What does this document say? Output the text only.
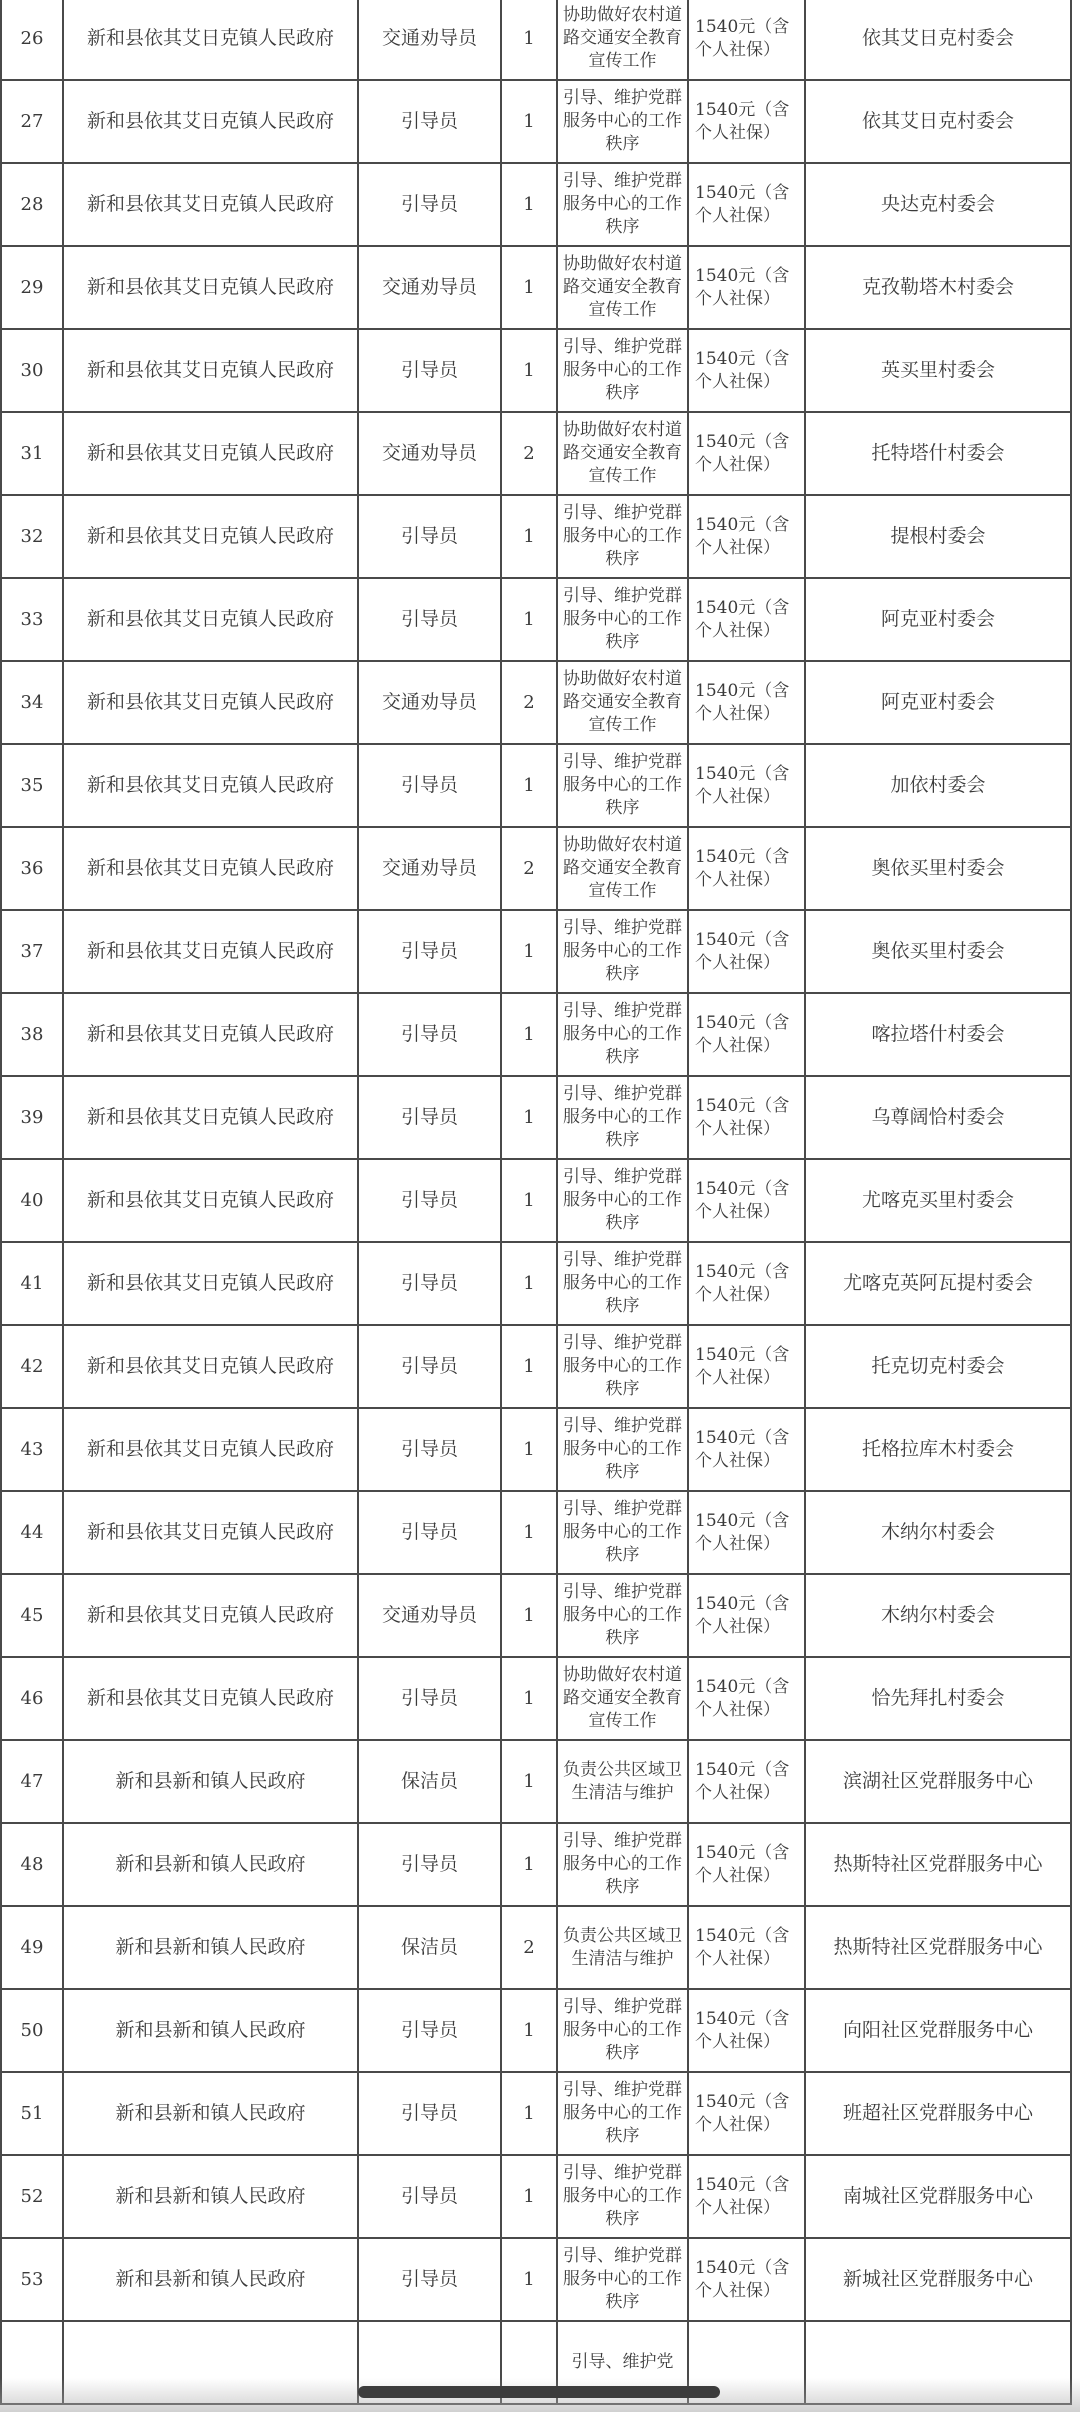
26	新和县依其艾日克镇人民政府	交通劝导员	1	协助做好农村道路交通安全教育宣传工作	1540元（含个人社保）	依其艾日克村委会
27	新和县依其艾日克镇人民政府	引导员	1	引导、维护党群服务中心的工作秩序	1540元（含个人社保）	依其艾日克村委会
28	新和县依其艾日克镇人民政府	引导员	1	引导、维护党群服务中心的工作秩序	1540元（含个人社保）	央达克村委会
29	新和县依其艾日克镇人民政府	交通劝导员	1	协助做好农村道路交通安全教育宣传工作	1540元（含个人社保）	克孜勒塔木村委会
30	新和县依其艾日克镇人民政府	引导员	1	引导、维护党群服务中心的工作秩序	1540元（含个人社保）	英买里村委会
31	新和县依其艾日克镇人民政府	交通劝导员	2	协助做好农村道路交通安全教育宣传工作	1540元（含个人社保）	托特塔什村委会
32	新和县依其艾日克镇人民政府	引导员	1	引导、维护党群服务中心的工作秩序	1540元（含个人社保）	提根村委会
33	新和县依其艾日克镇人民政府	引导员	1	引导、维护党群服务中心的工作秩序	1540元（含个人社保）	阿克亚村委会
34	新和县依其艾日克镇人民政府	交通劝导员	2	协助做好农村道路交通安全教育宣传工作	1540元（含个人社保）	阿克亚村委会
35	新和县依其艾日克镇人民政府	引导员	1	引导、维护党群服务中心的工作秩序	1540元（含个人社保）	加依村委会
36	新和县依其艾日克镇人民政府	交通劝导员	2	协助做好农村道路交通安全教育宣传工作	1540元（含个人社保）	奥依买里村委会
37	新和县依其艾日克镇人民政府	引导员	1	引导、维护党群服务中心的工作秩序	1540元（含个人社保）	奥依买里村委会
38	新和县依其艾日克镇人民政府	引导员	1	引导、维护党群服务中心的工作秩序	1540元（含个人社保）	喀拉塔什村委会
39	新和县依其艾日克镇人民政府	引导员	1	引导、维护党群服务中心的工作秩序	1540元（含个人社保）	乌尊阔恰村委会
40	新和县依其艾日克镇人民政府	引导员	1	引导、维护党群服务中心的工作秩序	1540元（含个人社保）	尤喀克买里村委会
41	新和县依其艾日克镇人民政府	引导员	1	引导、维护党群服务中心的工作秩序	1540元（含个人社保）	尤喀克英阿瓦提村委会
42	新和县依其艾日克镇人民政府	引导员	1	引导、维护党群服务中心的工作秩序	1540元（含个人社保）	托克切克村委会
43	新和县依其艾日克镇人民政府	引导员	1	引导、维护党群服务中心的工作秩序	1540元（含个人社保）	托格拉库木村委会
44	新和县依其艾日克镇人民政府	引导员	1	引导、维护党群服务中心的工作秩序	1540元（含个人社保）	木纳尔村委会
45	新和县依其艾日克镇人民政府	交通劝导员	1	引导、维护党群服务中心的工作秩序	1540元（含个人社保）	木纳尔村委会
46	新和县依其艾日克镇人民政府	引导员	1	协助做好农村道路交通安全教育宣传工作	1540元（含个人社保）	恰先拜扎村委会
47	新和县新和镇人民政府	保洁员	1	负责公共区域卫生清洁与维护	1540元（含个人社保）	滨湖社区党群服务中心
48	新和县新和镇人民政府	引导员	1	引导、维护党群服务中心的工作秩序	1540元（含个人社保）	热斯特社区党群服务中心
49	新和县新和镇人民政府	保洁员	2	负责公共区域卫生清洁与维护	1540元（含个人社保）	热斯特社区党群服务中心
50	新和县新和镇人民政府	引导员	1	引导、维护党群服务中心的工作秩序	1540元（含个人社保）	向阳社区党群服务中心
51	新和县新和镇人民政府	引导员	1	引导、维护党群服务中心的工作秩序	1540元（含个人社保）	班超社区党群服务中心
52	新和县新和镇人民政府	引导员	1	引导、维护党群服务中心的工作秩序	1540元（含个人社保）	南城社区党群服务中心
53	新和县新和镇人民政府	引导员	1	引导、维护党群服务中心的工作秩序	1540元（含个人社保）	新城社区党群服务中心

				引导、维护党		
